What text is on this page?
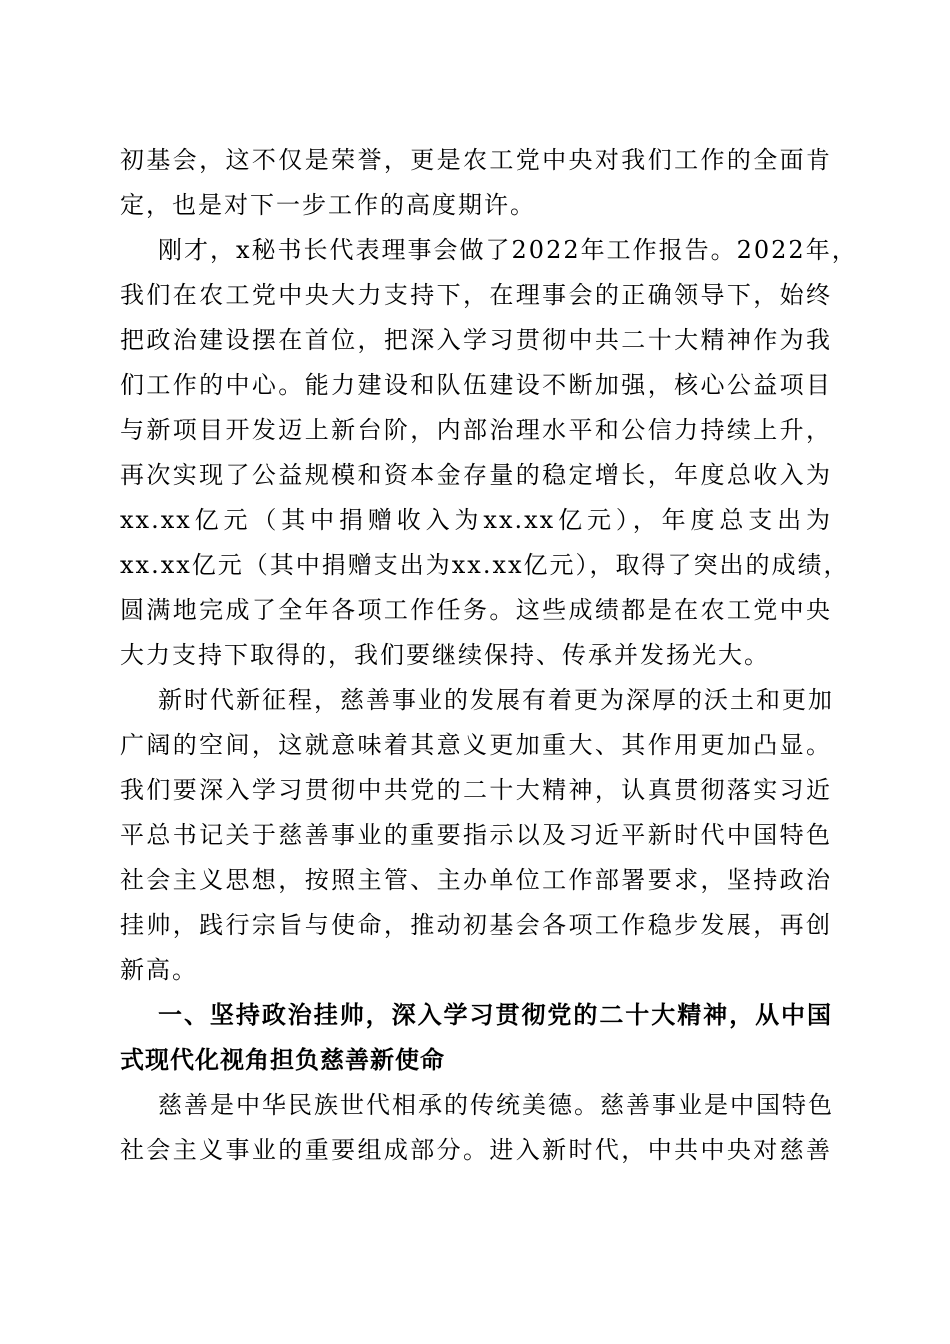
初基会，这不仅是荣誉，更是农工党中央对我们工作的全面肯
定，也是对下一步工作的高度期许。
刚才，x秘书长代表理事会做了2022年工作报告。2022年，
我们在农工党中央大力支持下，在理事会的正确领导下，始终
把政治建设摆在首位，把深入学习贯彻中共二十大精神作为我
们工作的中心。能力建设和队伍建设不断加强，核心公益项目
与新项目开发迈上新台阶，内部治理水平和公信力持续上升，
再次实现了公益规模和资本金存量的稳定增长，年度总收入为
xx.xx亿元（其中捐赠收入为xx.xx亿元），年度总支出为
xx.xx亿元（其中捐赠支出为xx.xx亿元），取得了突出的成绩，
圆满地完成了全年各项工作任务。这些成绩都是在农工党中央
大力支持下取得的，我们要继续保持、传承并发扬光大。
新时代新征程，慈善事业的发展有着更为深厚的沃土和更加
广阔的空间，这就意味着其意义更加重大、其作用更加凸显。
我们要深入学习贯彻中共党的二十大精神，认真贯彻落实习近
平总书记关于慈善事业的重要指示以及习近平新时代中国特色
社会主义思想，按照主管、主办单位工作部署要求，坚持政治
挂帅，践行宗旨与使命，推动初基会各项工作稳步发展，再创
新高。
一、坚持政治挂帅，深入学习贯彻党的二十大精神，从中国
式现代化视角担负慈善新使命
慈善是中华民族世代相承的传统美德。慈善事业是中国特色
社会主义事业的重要组成部分。进入新时代，中共中央对慈善
